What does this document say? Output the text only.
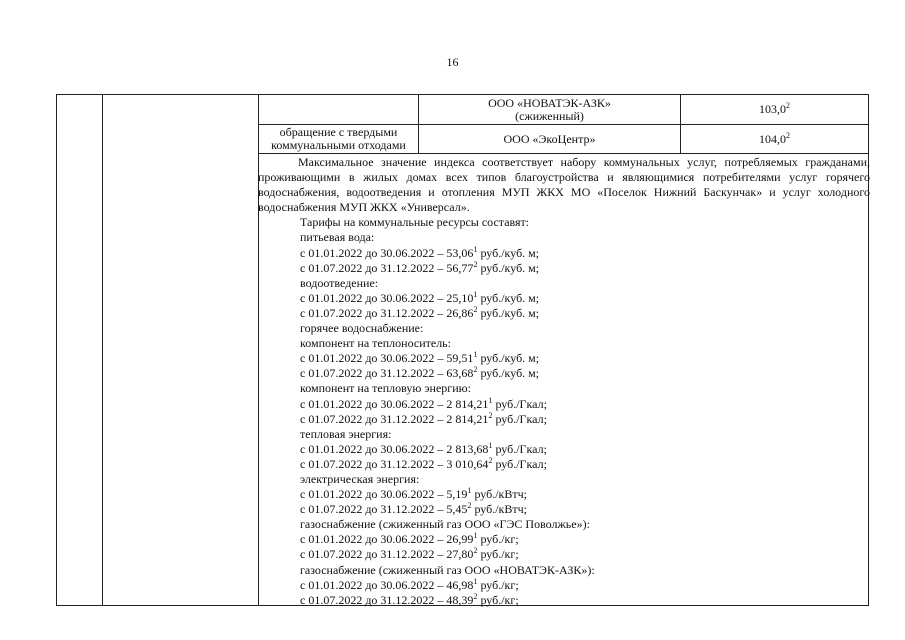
16
ООО «НОВАТЭК-АЗК»
(сжиженный)	103,0$^2$
обращение с твердыми
коммунальными отходами	ООО «ЭкоЦентр»	104,0$^2$

Максимальное значение индекса соответствует набору коммунальных услуг, потребляемых гражданами, проживающими в жилых домах всех типов благоустройства и являющимися потребителями услуг горячего водоснабжения, водоотведения и отопления МУП ЖКХ МО «Поселок Нижний Баскунчак» и услуг холодного водоснабжения МУП ЖКХ «Универсал».

Тарифы на коммунальные ресурсы составят:
питьевая вода:
с 01.01.2022 до 30.06.2022 – 53,06$^1$ руб./куб. м;
с 01.07.2022 до 31.12.2022 – 56,77$^2$ руб./куб. м;
водоотведение:
с 01.01.2022 до 30.06.2022 – 25,10$^1$ руб./куб. м;
с 01.07.2022 до 31.12.2022 – 26,86$^2$ руб./куб. м;
горячее водоснабжение:
компонент на теплоноситель:
с 01.01.2022 до 30.06.2022 – 59,51$^1$ руб./куб. м;
с 01.07.2022 до 31.12.2022 – 63,68$^2$ руб./куб. м;
компонент на тепловую энергию:
с 01.01.2022 до 30.06.2022 – 2 814,21$^1$ руб./Гкал;
с 01.07.2022 до 31.12.2022 – 2 814,21$^2$ руб./Гкал;
тепловая энергия:
с 01.01.2022 до 30.06.2022 – 2 813,68$^1$ руб./Гкал;
с 01.07.2022 до 31.12.2022 – 3 010,64$^2$ руб./Гкал;
электрическая энергия:
с 01.01.2022 до 30.06.2022 – 5,19$^1$ руб./кВтч;
с 01.07.2022 до 31.12.2022 – 5,45$^2$ руб./кВтч;
газоснабжение (сжиженный газ ООО «ГЭС Поволжье»):
с 01.01.2022 до 30.06.2022 – 26,99$^1$ руб./кг;
с 01.07.2022 до 31.12.2022 – 27,80$^2$ руб./кг;
газоснабжение (сжиженный газ ООО «НОВАТЭК-АЗК»):
с 01.01.2022 до 30.06.2022 – 46,98$^1$ руб./кг;
с 01.07.2022 до 31.12.2022 – 48,39$^2$ руб./кг;
